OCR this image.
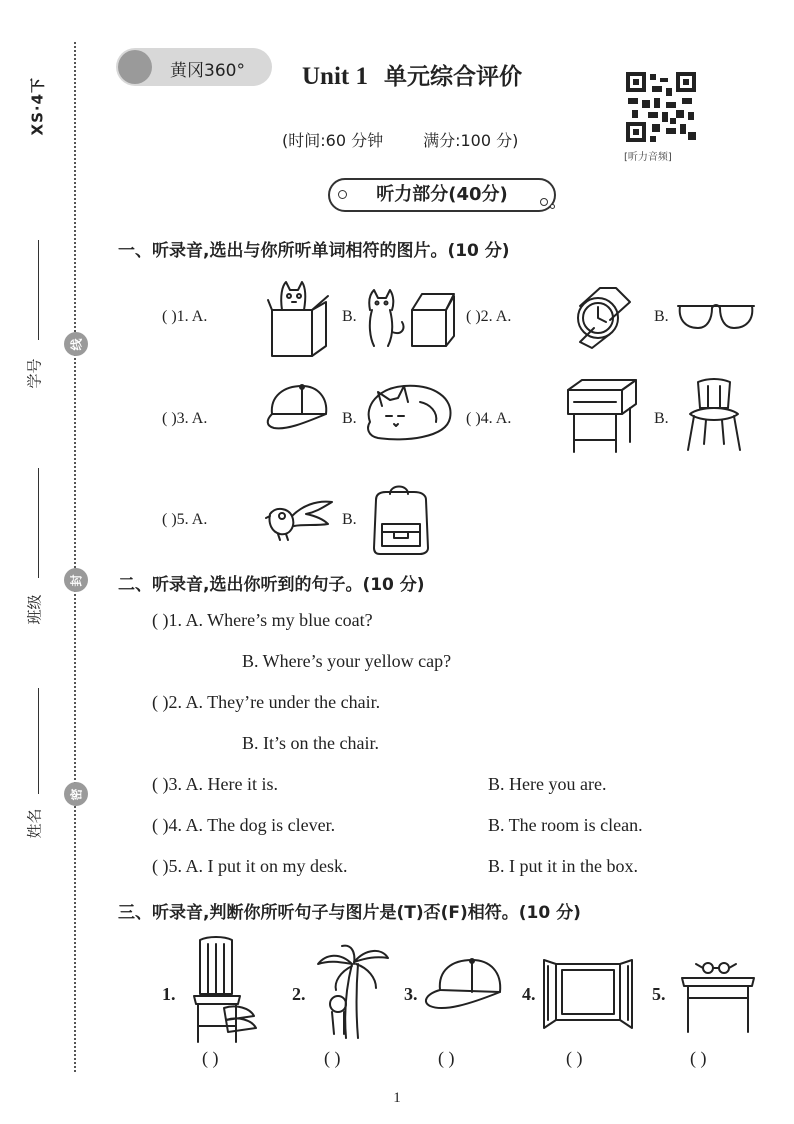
XS·4下
学号
线
班级
封
姓名
密
黄冈360° Unit 1 单元综合评价
[听力音频]
(时间:60 分钟	满分:100 分)
听力部分(40分)
一、听录音,选出与你所听单词相符的图片。(10 分)
( )1. A.	B.	( )2. A.	B.
( )3. A.	B.	( )4. A.	B.
( )5. A.	B.
二、听录音,选出你听到的句子。(10 分)
( )1. A. Where’s my blue coat?
B. Where’s your yellow cap?
( )2. A. They’re under the chair.
B. It’s on the chair.
( )3. A. Here it is.	B. Here you are.
( )4. A. The dog is clever.	B. The room is clean.
( )5. A. I put it on my desk.	B. I put it in the box.
三、听录音,判断你所听句子与图片是(T)否(F)相符。(10 分)
1.
( )
2.
( )
3.
( )
4.
( )
5.
( )
1
